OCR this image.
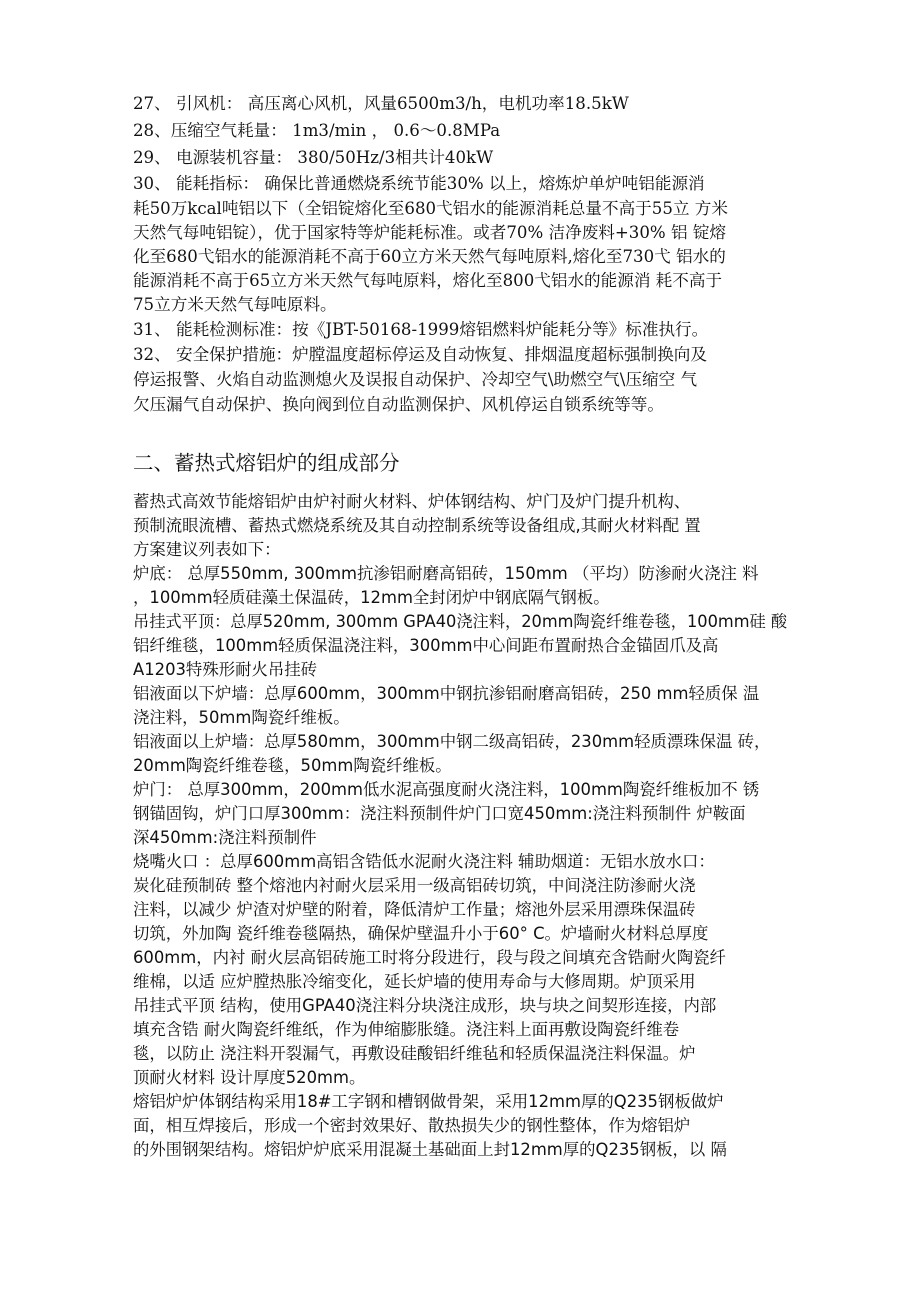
27、 引风机： 高压离心风机，风量6500m3/h，电机功率18.5kW
28、压缩空气耗量： 1m3/min ， 0.6～0.8MPa
29、 电源装机容量： 380/50Hz/3相共计40kW
30、 能耗指标： 确保比普通燃烧系统节能30% 以上，熔炼炉单炉吨铝能源消
耗50万kcal吨铝以下（全铝锭熔化至680弋铝水的能源消耗总量不高于55立 方米
天然气每吨铝锭），优于国家特等炉能耗标准。或者70% 洁净废料+30% 铝 锭熔
化至680弋铝水的能源消耗不高于60立方米天然气每吨原料,熔化至730弋 铝水的
能源消耗不高于65立方米天然气每吨原料，熔化至800弋铝水的能源消 耗不高于
75立方米天然气每吨原料。
31、 能耗检测标准：按《JBT-50168-1999熔铝燃料炉能耗分等》标准执行。
32、 安全保护措施：炉膛温度超标停运及自动恢复、排烟温度超标强制换向及
停运报警、火焰自动监测熄火及误报自动保护、冷却空气\助燃空气\压缩空 气
欠压漏气自动保护、换向阀到位自动监测保护、风机停运自锁系统等等。
二、蓄热式熔铝炉的组成部分
蓄热式高效节能熔铝炉由炉衬耐火材料、炉体钢结构、炉门及炉门提升机构、
预制流眼流槽、蓄热式燃烧系统及其自动控制系统等设备组成,其耐火材料配 置
方案建议列表如下：
炉底： 总厚550mm, 300mm抗渗铝耐磨高铝砖，150mm （平均）防渗耐火浇注 料
，100mm轻质硅藻土保温砖，12mm全封闭炉中钢底隔气钢板。
吊挂式平顶：总厚520mm, 300mm GPA40浇注料，20mm陶瓷纤维卷毯，100mm硅 酸
铝纤维毯，100mm轻质保温浇注料，300mm中心间距布置耐热合金锚固爪及高
A1203特殊形耐火吊挂砖
铝液面以下炉墙：总厚600mm，300mm中钢抗渗铝耐磨高铝砖，250 mm轻质保 温
浇注料，50mm陶瓷纤维板。
铝液面以上炉墙：总厚580mm，300mm中钢二级高铝砖，230mm轻质漂珠保温 砖，
20mm陶瓷纤维卷毯，50mm陶瓷纤维板。
炉门： 总厚300mm，200mm低水泥高强度耐火浇注料，100mm陶瓷纤维板加不 锈
钢锚固钩，炉门口厚300mm：浇注料预制件炉门口宽450mm:浇注料预制件 炉鞍面
深450mm:浇注料预制件
烧嘴火口 ：总厚600mm高铝含锆低水泥耐火浇注料 辅助烟道：无铝水放水口：
炭化硅预制砖 整个熔池内衬耐火层采用一级高铝砖切筑，中间浇注防渗耐火浇
注料，以减少 炉渣对炉壁的附着，降低清炉工作量；熔池外层采用漂珠保温砖
切筑，外加陶 瓷纤维卷毯隔热，确保炉壁温升小于60° C。炉墙耐火材料总厚度
600mm，内衬 耐火层高铝砖施工时将分段进行，段与段之间填充含锆耐火陶瓷纤
维棉，以适 应炉膛热胀冷缩变化，延长炉墙的使用寿命与大修周期。炉顶采用
吊挂式平顶 结构，使用GPA40浇注料分块浇注成形，块与块之间契形连接，内部
填充含锆 耐火陶瓷纤维纸，作为伸缩膨胀缝。浇注料上面再敷设陶瓷纤维卷
毯，以防止 浇注料开裂漏气，再敷设硅酸铝纤维毡和轻质保温浇注料保温。炉
顶耐火材料 设计厚度520mm。
熔铝炉炉体钢结构采用18#工字钢和槽钢做骨架，采用12mm厚的Q235钢板做炉
面，相互焊接后，形成一个密封效果好、散热损失少的钢性整体，作为熔铝炉
的外围钢架结构。熔铝炉炉底采用混凝土基础面上封12mm厚的Q235钢板，以 隔
